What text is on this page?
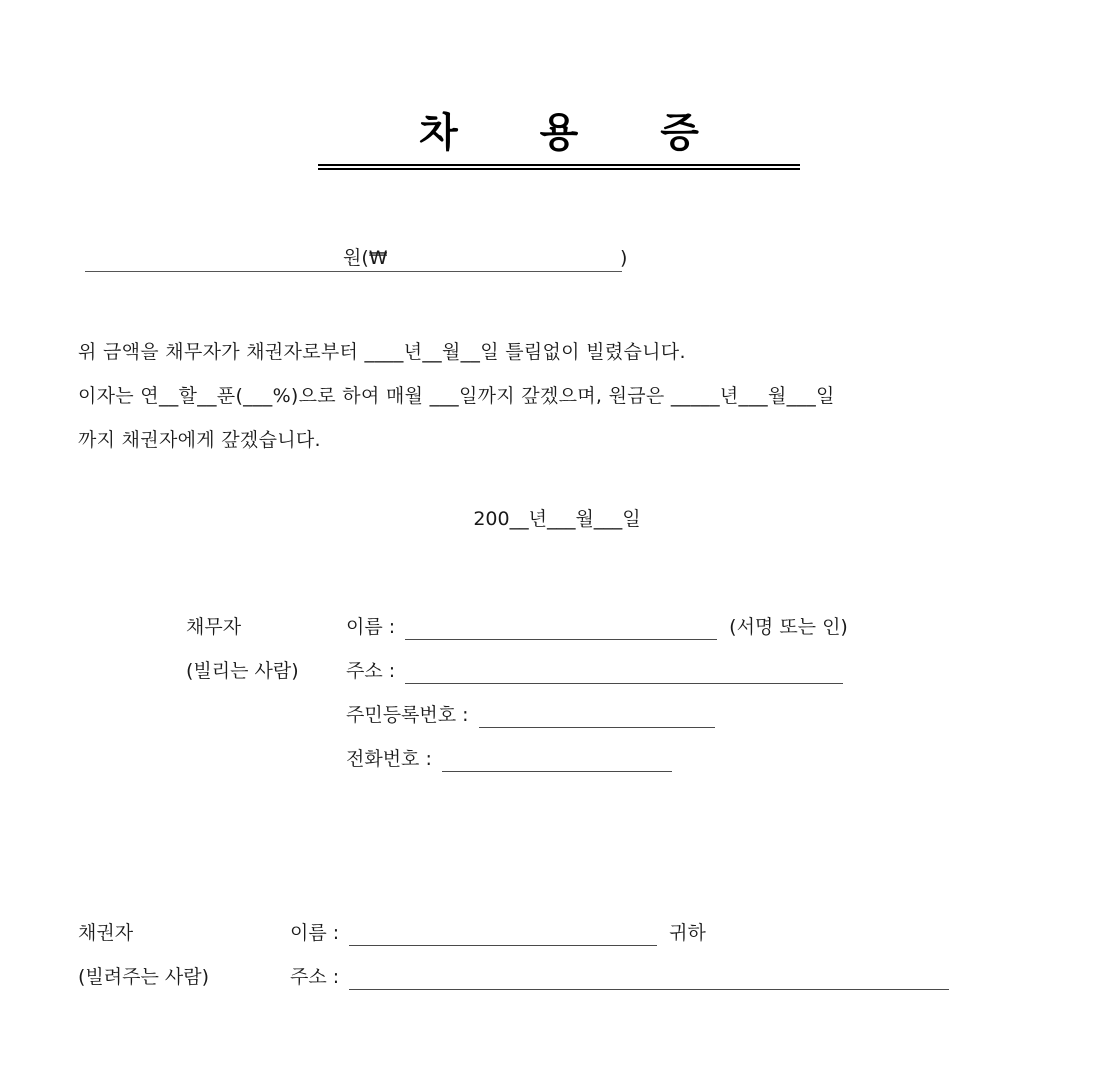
차 용 증
원(₩	)
위 금액을 채무자가 채권자로부터 ____년__월__일 틀림없이 빌렸습니다.
이자는 연__할__푼(___%)으로 하여 매월 ___일까지 갚겠으며, 원금은 _____년___월___일
까지 채권자에게 갚겠습니다.
200__년___월___일
채무자	이름 :	(서명 또는 인)
(빌리는 사람)	주소 :
주민등록번호 :
전화번호 :
채권자	이름 :	귀하
(빌려주는 사람)	주소 :
